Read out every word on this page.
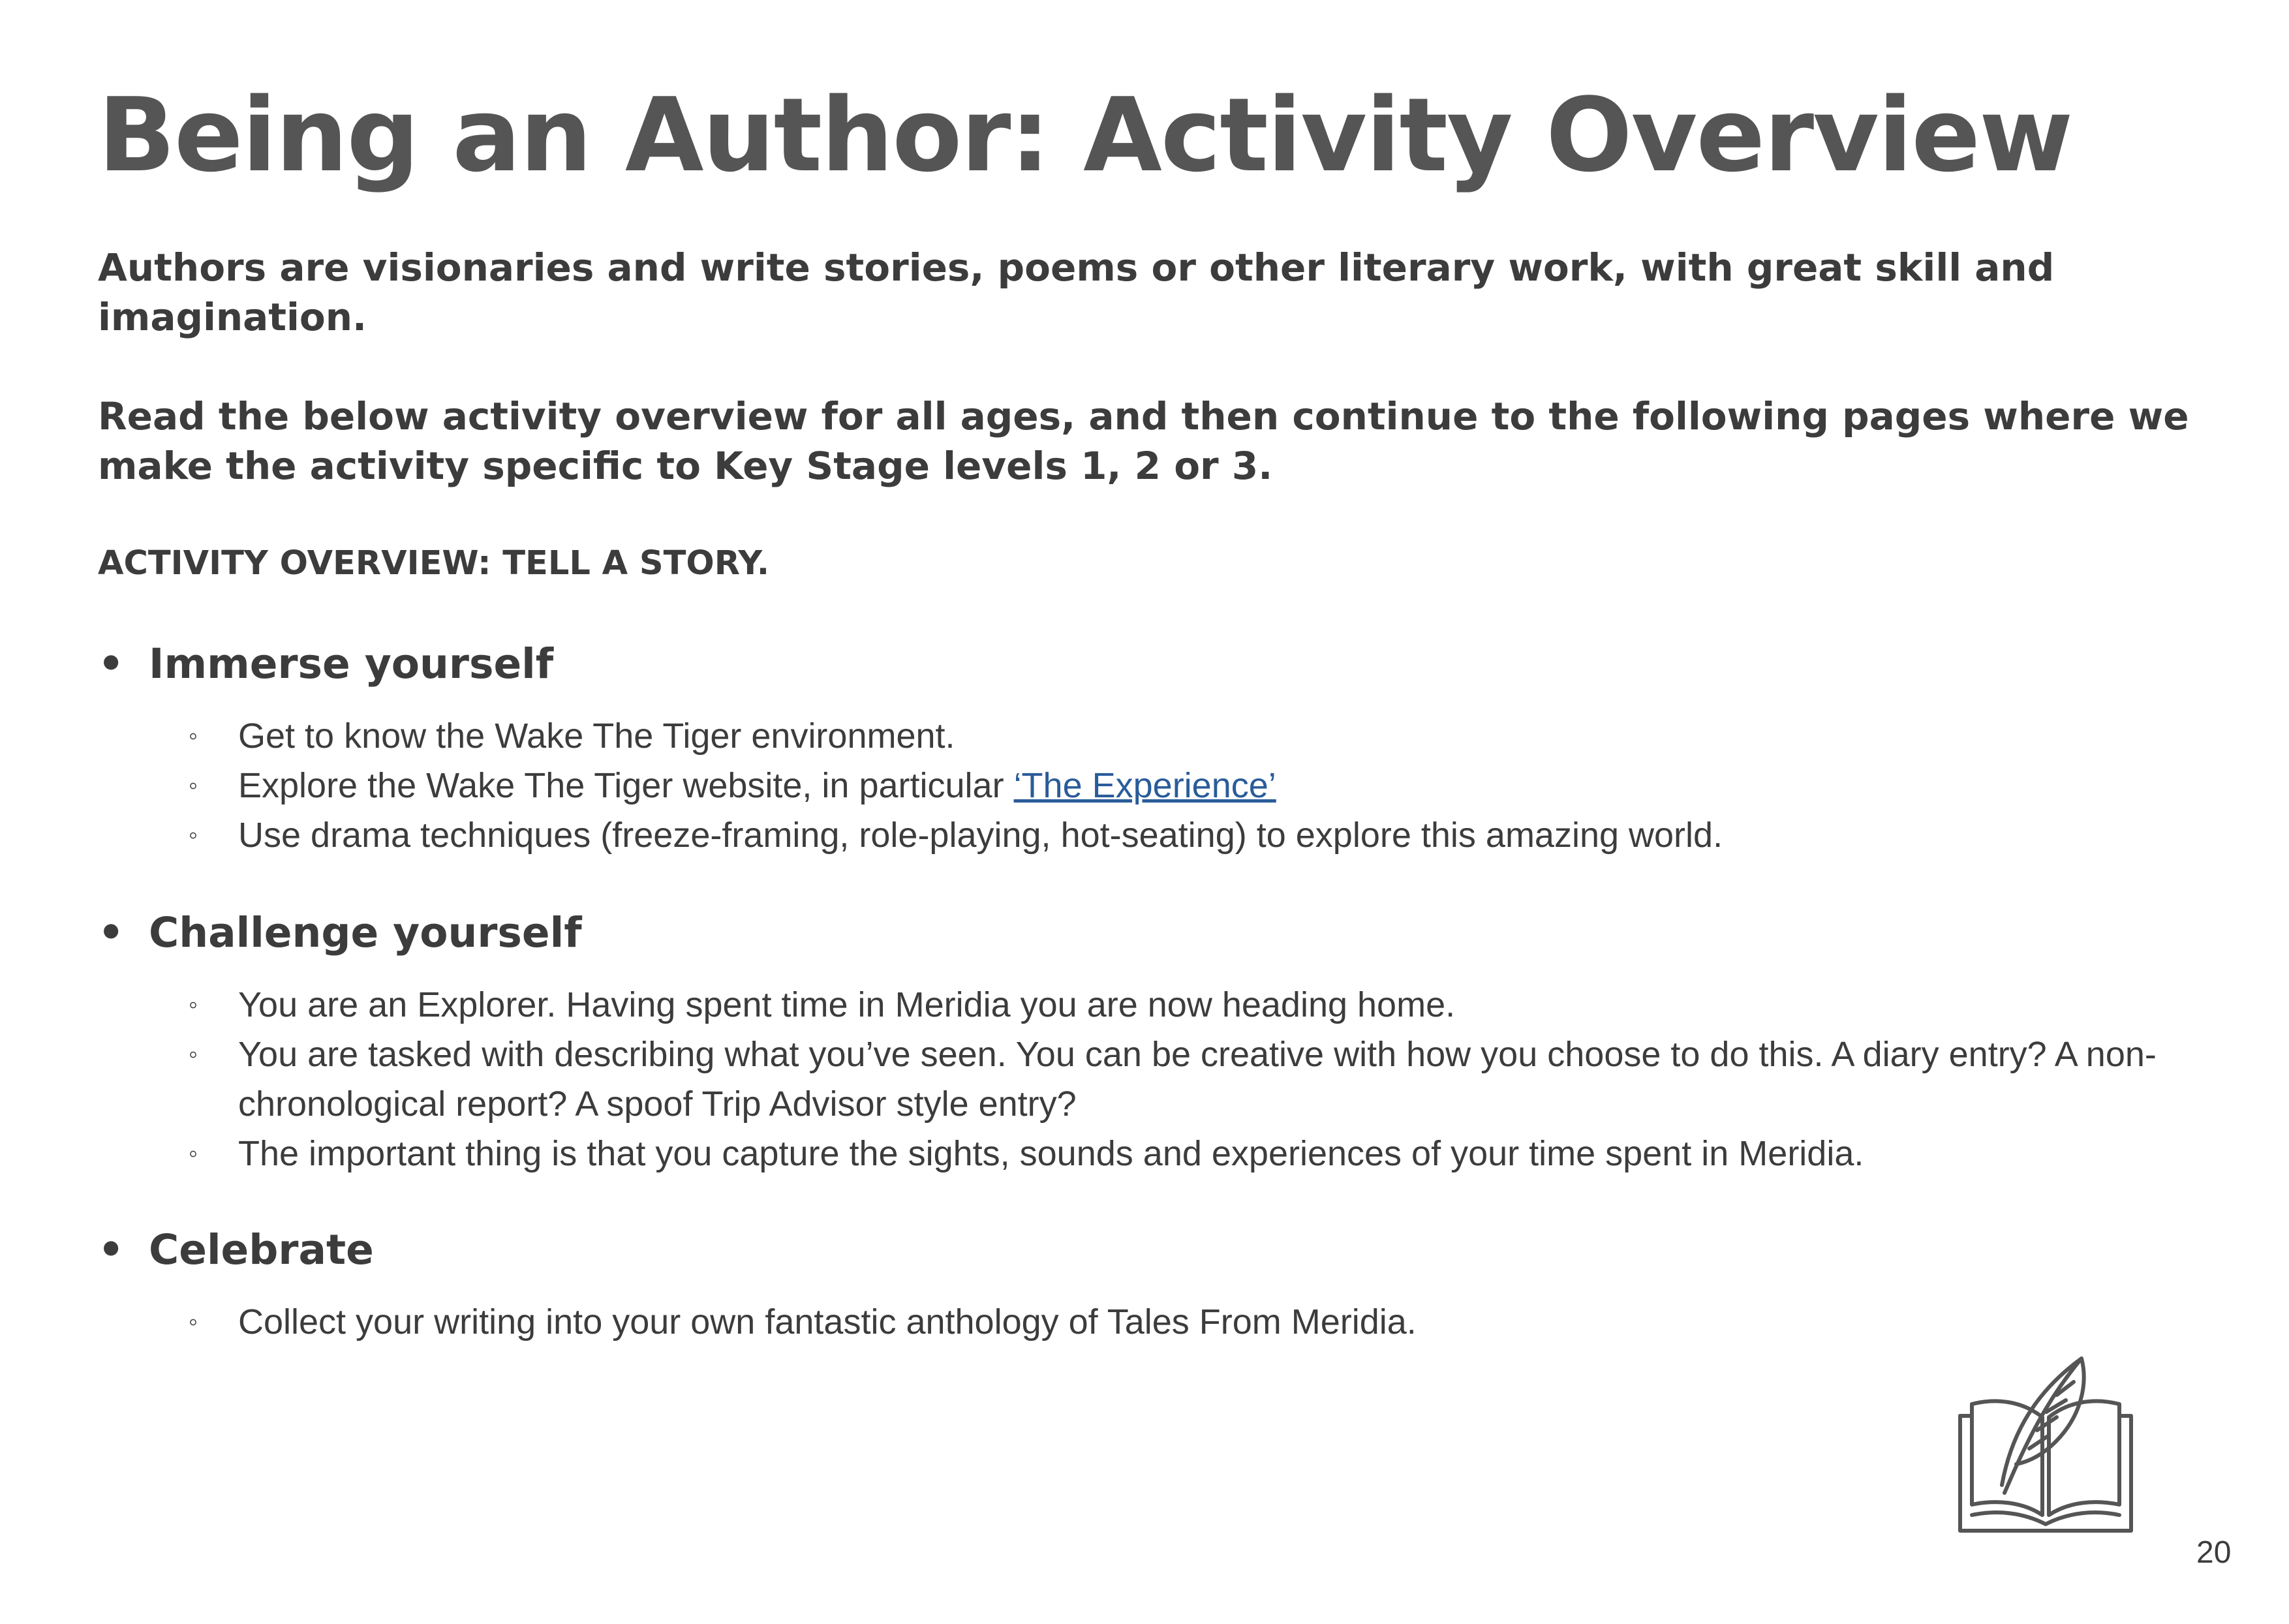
Being an Author: Activity Overview

Authors are visionaries and write stories, poems or other literary work, with great skill and imagination.

Read the below activity overview for all ages, and then continue to the following pages where we make the activity specific to Key Stage levels 1, 2 or 3.

ACTIVITY OVERVIEW: TELL A STORY.
• Immerse yourself
◦ Get to know the Wake The Tiger environment.
◦ Explore the Wake The Tiger website, in particular ‘The Experience’
◦ Use drama techniques (freeze-framing, role-playing, hot-seating) to explore this amazing world.
• Challenge yourself
◦ You are an Explorer. Having spent time in Meridia you are now heading home.
◦ You are tasked with describing what you’ve seen. You can be creative with how you choose to do this. A diary entry? A non-chronological report? A spoof Trip Advisor style entry?
◦ The important thing is that you capture the sights, sounds and experiences of your time spent in Meridia.
• Celebrate
◦ Collect your writing into your own fantastic anthology of Tales From Meridia.
20
